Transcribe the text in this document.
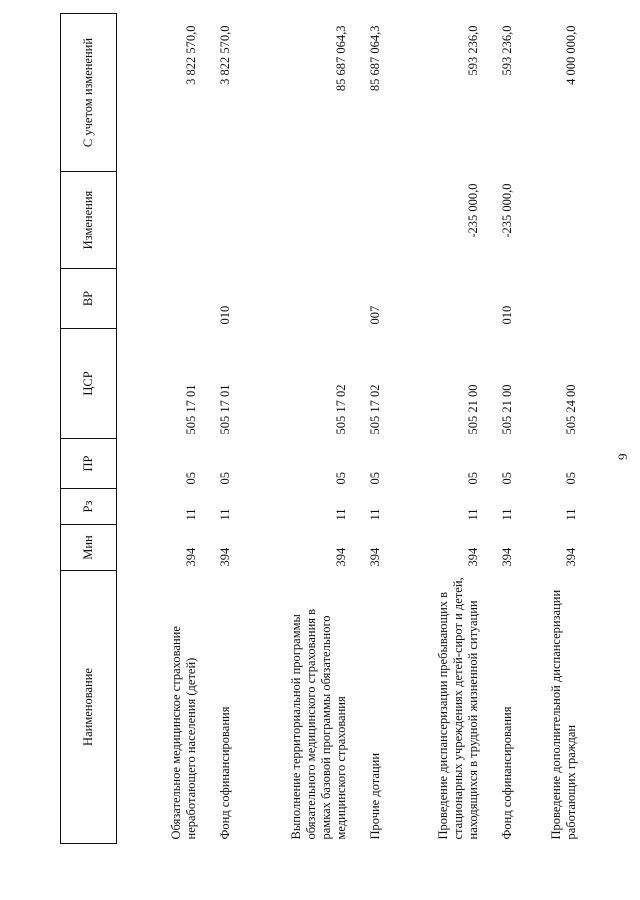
9
Наименование	Мин	Рз	ПР	ЦСР	ВР	Изменения	С учетом изменений
Обязательное медицинское страхование неработающего населения (детей)	394	11	05	505 17 01			3 822 570,0
Фонд софинансирования	394	11	05	505 17 01	010		3 822 570,0
Выполнение территориальной программы обязательного медицинского страхования в рамках базовой программы обязательного медицинского страхования	394	11	05	505 17 02			85 687 064,3
Прочие дотации	394	11	05	505 17 02	007		85 687 064,3
Проведение диспансеризации пребывающих в стационарных учреждениях детей-сирот и детей, находящихся в трудной жизненной ситуации	394	11	05	505 21 00		-235 000,0	593 236,0
Фонд софинансирования	394	11	05	505 21 00	010	-235 000,0	593 236,0
Проведение дополнительной диспансеризации работающих граждан	394	11	05	505 24 00			4 000 000,0
